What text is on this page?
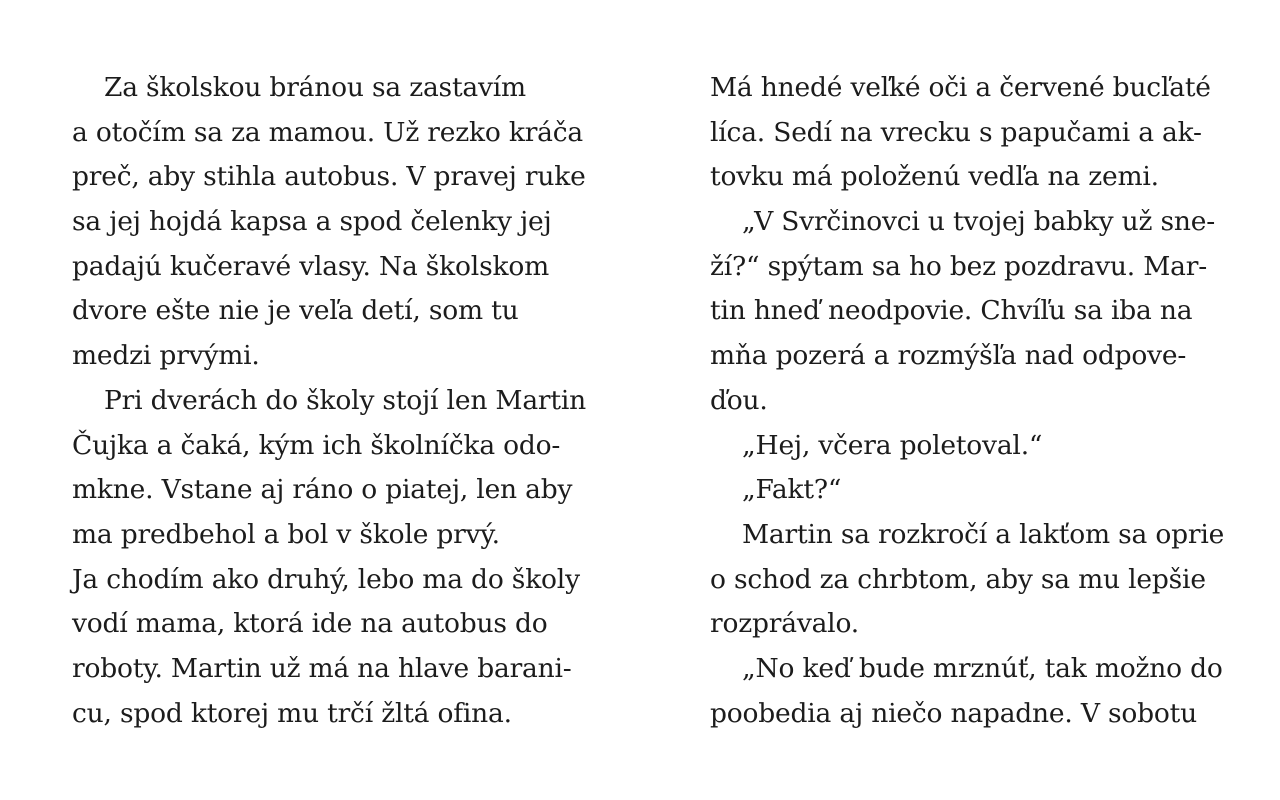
Za školskou bránou sa zastavím
a otočím sa za mamou. Už rezko kráča
preč, aby stihla autobus. V pravej ruke
sa jej hojdá kapsa a spod čelenky jej
padajú kučeravé vlasy. Na školskom
dvore ešte nie je veľa detí, som tu
medzi prvými.
Pri dverách do školy stojí len Martin
Čujka a čaká, kým ich školníčka odo-
mkne. Vstane aj ráno o piatej, len aby
ma predbehol a bol v škole prvý.
Ja chodím ako druhý, lebo ma do školy
vodí mama, ktorá ide na autobus do
roboty. Martin už má na hlave barani-
cu, spod ktorej mu trčí žltá ofina.
Má hnedé veľké oči a červené bucľaté
líca. Sedí na vrecku s papučami a ak-
tovku má položenú vedľa na zemi.
„V Svrčinovci u tvojej babky už sne-
ží?“ spýtam sa ho bez pozdravu. Mar-
tin hneď neodpovie. Chvíľu sa iba na
mňa pozerá a rozmýšľa nad odpove-
ďou.
„Hej, včera poletoval.“
„Fakt?“
Martin sa rozkročí a lakťom sa oprie
o schod za chrbtom, aby sa mu lepšie
rozprávalo.
„No keď bude mrznúť, tak možno do
poobedia aj niečo napadne. V sobotu
